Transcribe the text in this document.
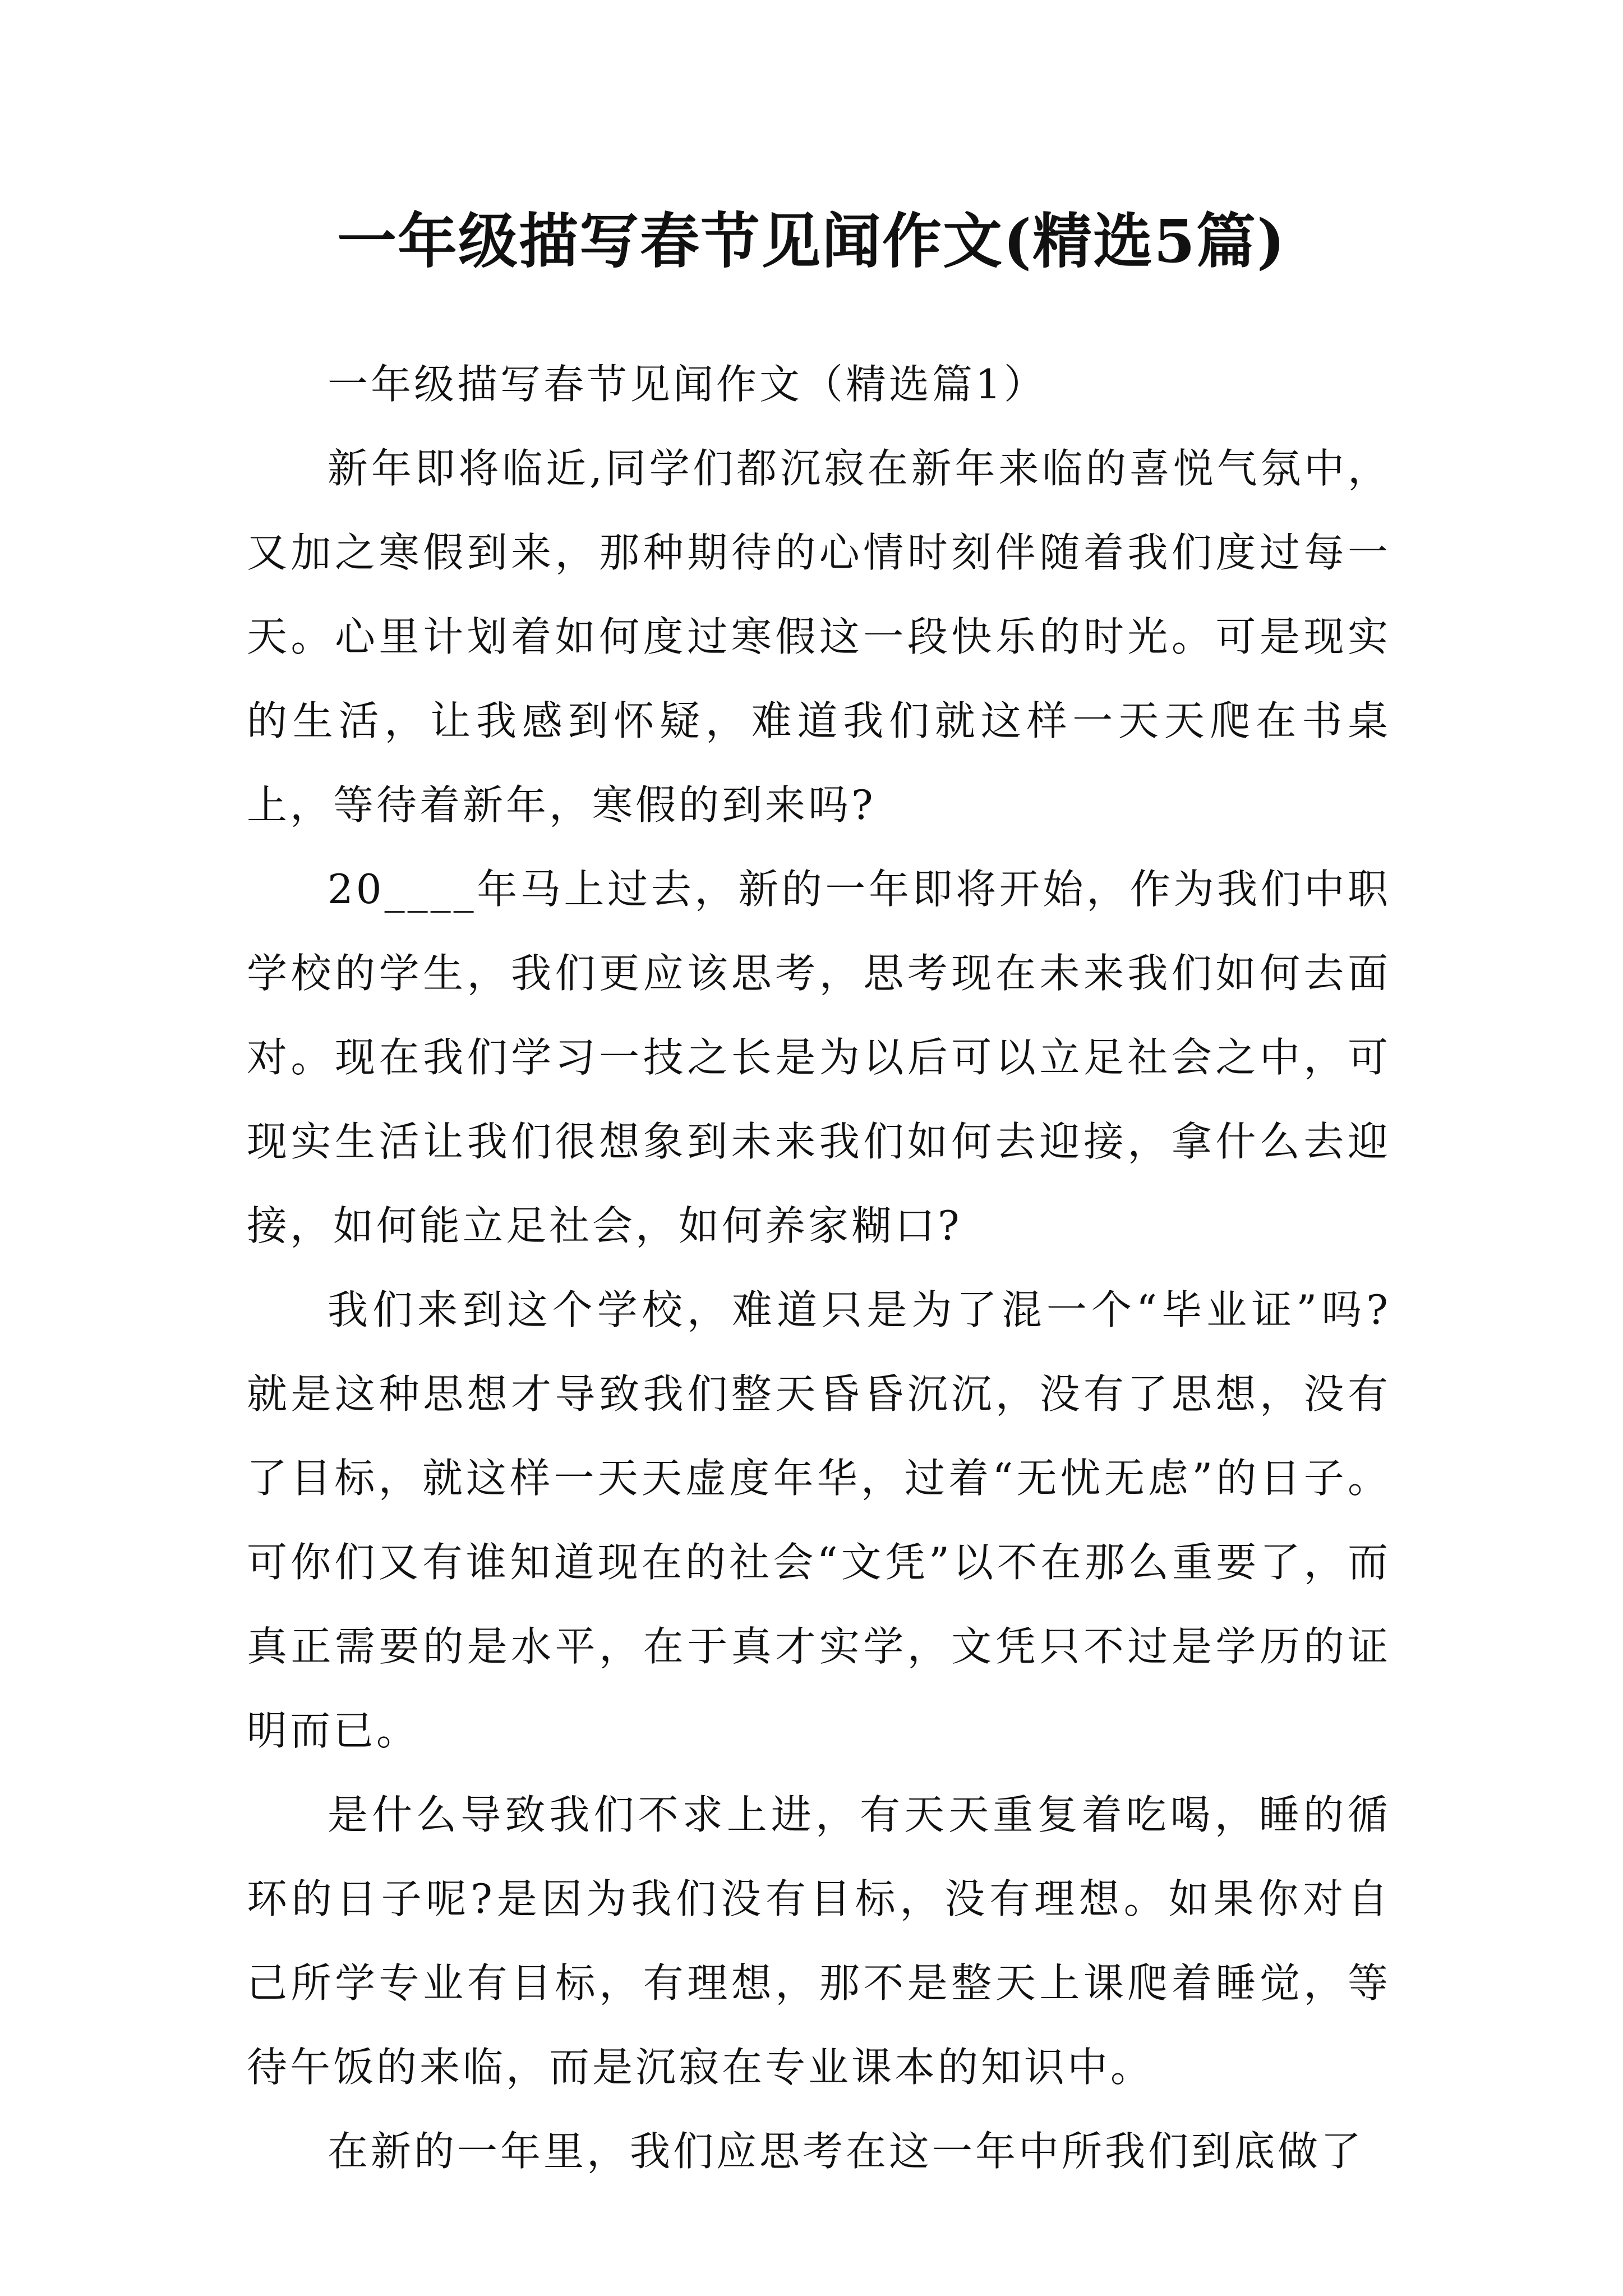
一年级描写春节见闻作文(精选5篇)

一年级描写春节见闻作文（精选篇1）

新年即将临近,同学们都沉寂在新年来临的喜悦气氛中，又加之寒假到来，那种期待的心情时刻伴随着我们度过每一天。心里计划着如何度过寒假这一段快乐的时光。可是现实的生活，让我感到怀疑，难道我们就这样一天天爬在书桌上，等待着新年，寒假的到来吗?

20____年马上过去，新的一年即将开始，作为我们中职学校的学生，我们更应该思考，思考现在未来我们如何去面对。现在我们学习一技之长是为以后可以立足社会之中，可现实生活让我们很想象到未来我们如何去迎接，拿什么去迎接，如何能立足社会，如何养家糊口?

我们来到这个学校，难道只是为了混一个“毕业证”吗?就是这种思想才导致我们整天昏昏沉沉，没有了思想，没有了目标，就这样一天天虚度年华，过着“无忧无虑”的日子。可你们又有谁知道现在的社会“文凭”以不在那么重要了，而真正需要的是水平，在于真才实学，文凭只不过是学历的证明而已。

是什么导致我们不求上进，有天天重复着吃喝，睡的循环的日子呢?是因为我们没有目标，没有理想。如果你对自己所学专业有目标，有理想，那不是整天上课爬着睡觉，等待午饭的来临，而是沉寂在专业课本的知识中。

在新的一年里，我们应思考在这一年中所我们到底做了
